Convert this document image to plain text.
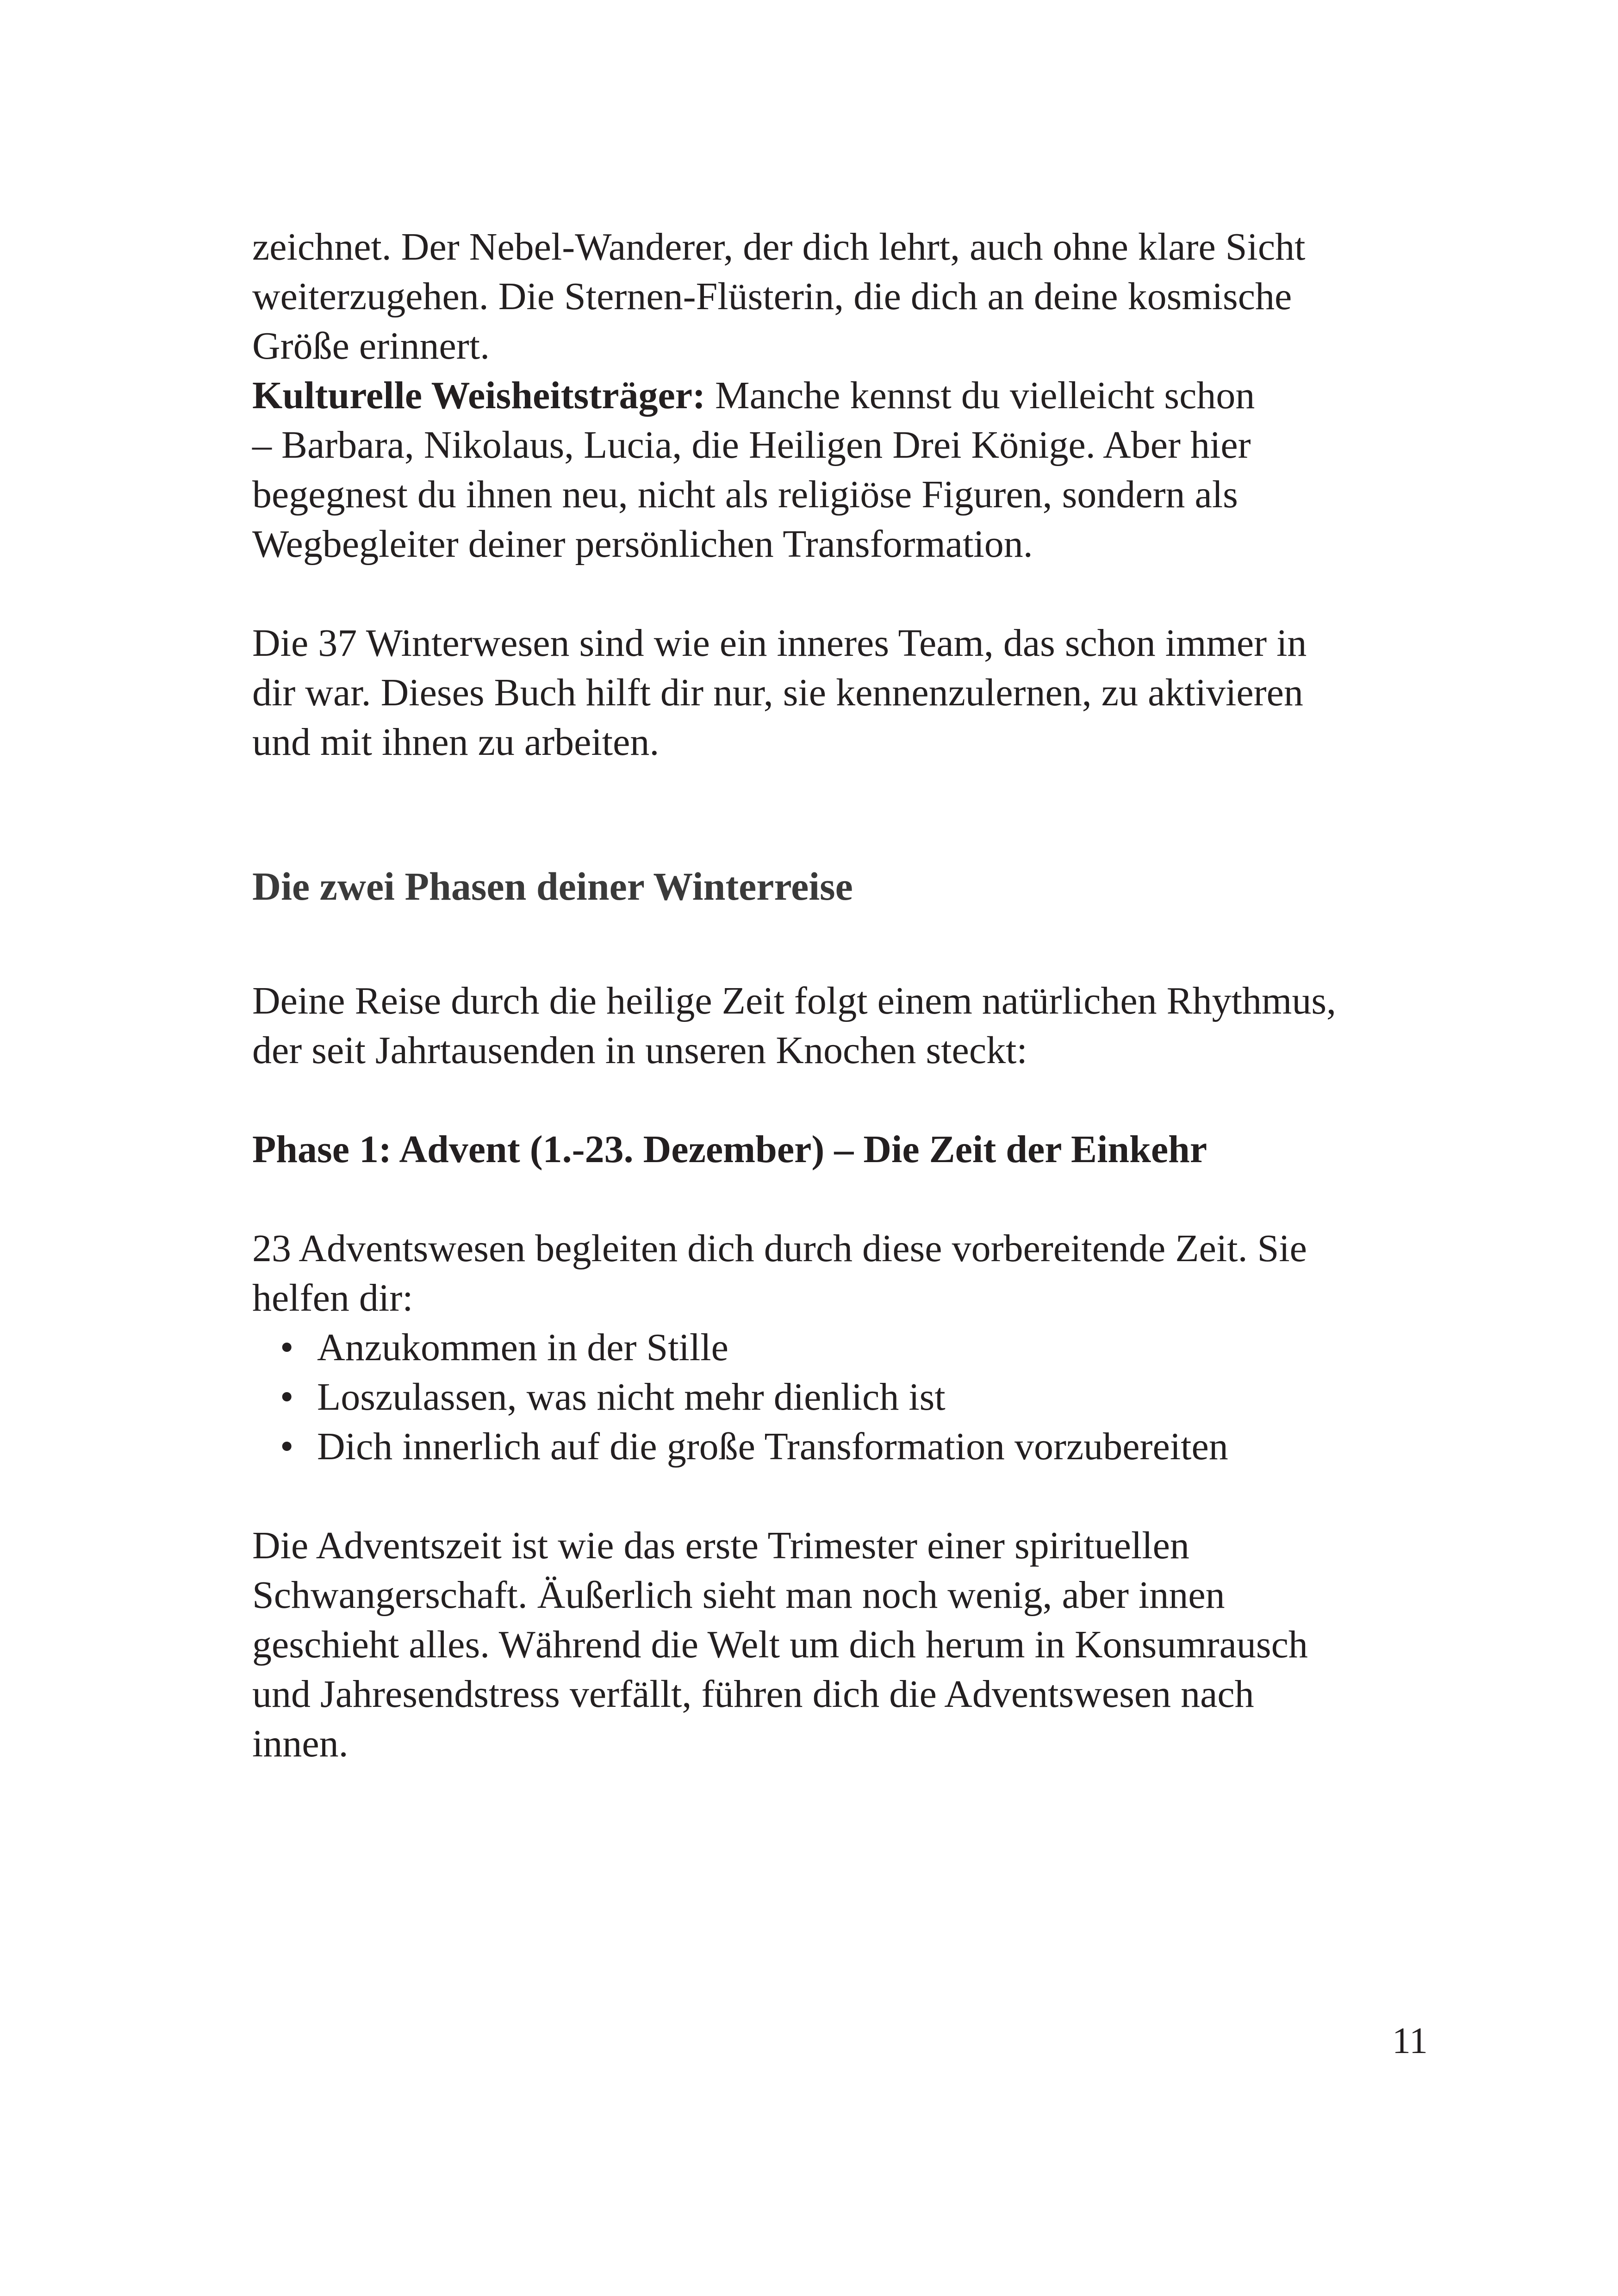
zeichnet. Der Nebel-Wanderer, der dich lehrt, auch ohne klare Sicht
weiterzugehen. Die Sternen-Flüsterin, die dich an deine kosmische
Größe erinnert.

Kulturelle Weisheitsträger: Manche kennst du vielleicht schon
– Barbara, Nikolaus, Lucia, die Heiligen Drei Könige. Aber hier
begegnest du ihnen neu, nicht als religiöse Figuren, sondern als
Wegbegleiter deiner persönlichen Transformation.

Die 37 Winterwesen sind wie ein inneres Team, das schon immer in
dir war. Dieses Buch hilft dir nur, sie kennenzulernen, zu aktivieren
und mit ihnen zu arbeiten.

Die zwei Phasen deiner Winterreise

Deine Reise durch die heilige Zeit folgt einem natürlichen Rhythmus,
der seit Jahrtausenden in unseren Knochen steckt:

Phase 1: Advent (1.-23. Dezember) – Die Zeit der Einkehr

23 Adventswesen begleiten dich durch diese vorbereitende Zeit. Sie
helfen dir:

• Anzukommen in der Stille
• Loszulassen, was nicht mehr dienlich ist
• Dich innerlich auf die große Transformation vorzubereiten

Die Adventszeit ist wie das erste Trimester einer spirituellen
Schwangerschaft. Äußerlich sieht man noch wenig, aber innen
geschieht alles. Während die Welt um dich herum in Konsumrausch
und Jahresendstress verfällt, führen dich die Adventswesen nach
innen.

11
